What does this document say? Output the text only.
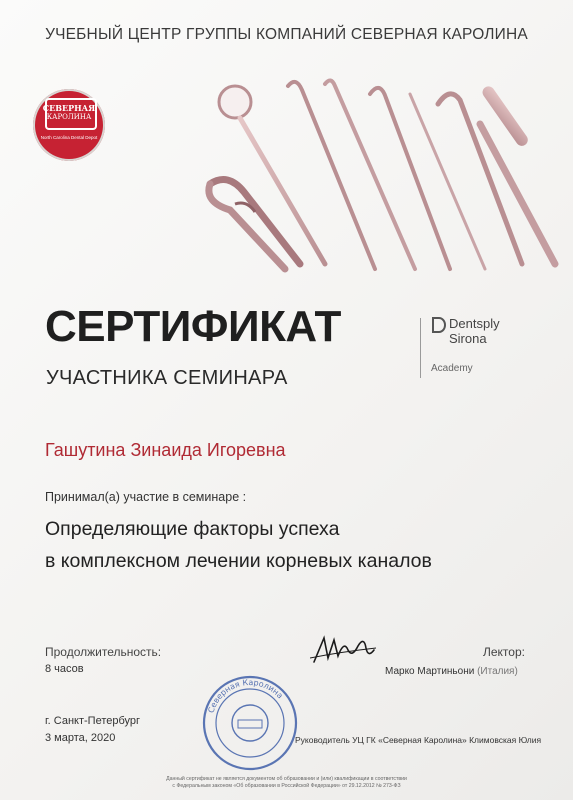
УЧЕБНЫЙ ЦЕНТР ГРУППЫ КОМПАНИЙ СЕВЕРНАЯ КАРОЛИНА
СЕВЕРНАЯ
КАРОЛИНА
North Carolina Dental Depot
СЕРТИФИКАТ
УЧАСТНИКА СЕМИНАРА
Dentsply
Sirona
Academy
Гашутина Зинаида Игоревна
Принимал(а) участие в семинаре :
Определяющие факторы успеха
в комплексном лечении корневых каналов
Продолжительность:
8 часов
Лектор:
Марко Мартиньони (Италия)
г. Санкт-Петербург
3 марта, 2020
Северная Каролина
Руководитель УЦ ГК «Северная Каролина» Климовская Юлия
Данный сертификат не является документом об образовании и (или) квалификации в соответствии
с Федеральным законом «Об образовании в Российской Федерации» от 29.12.2012 № 273-ФЗ
